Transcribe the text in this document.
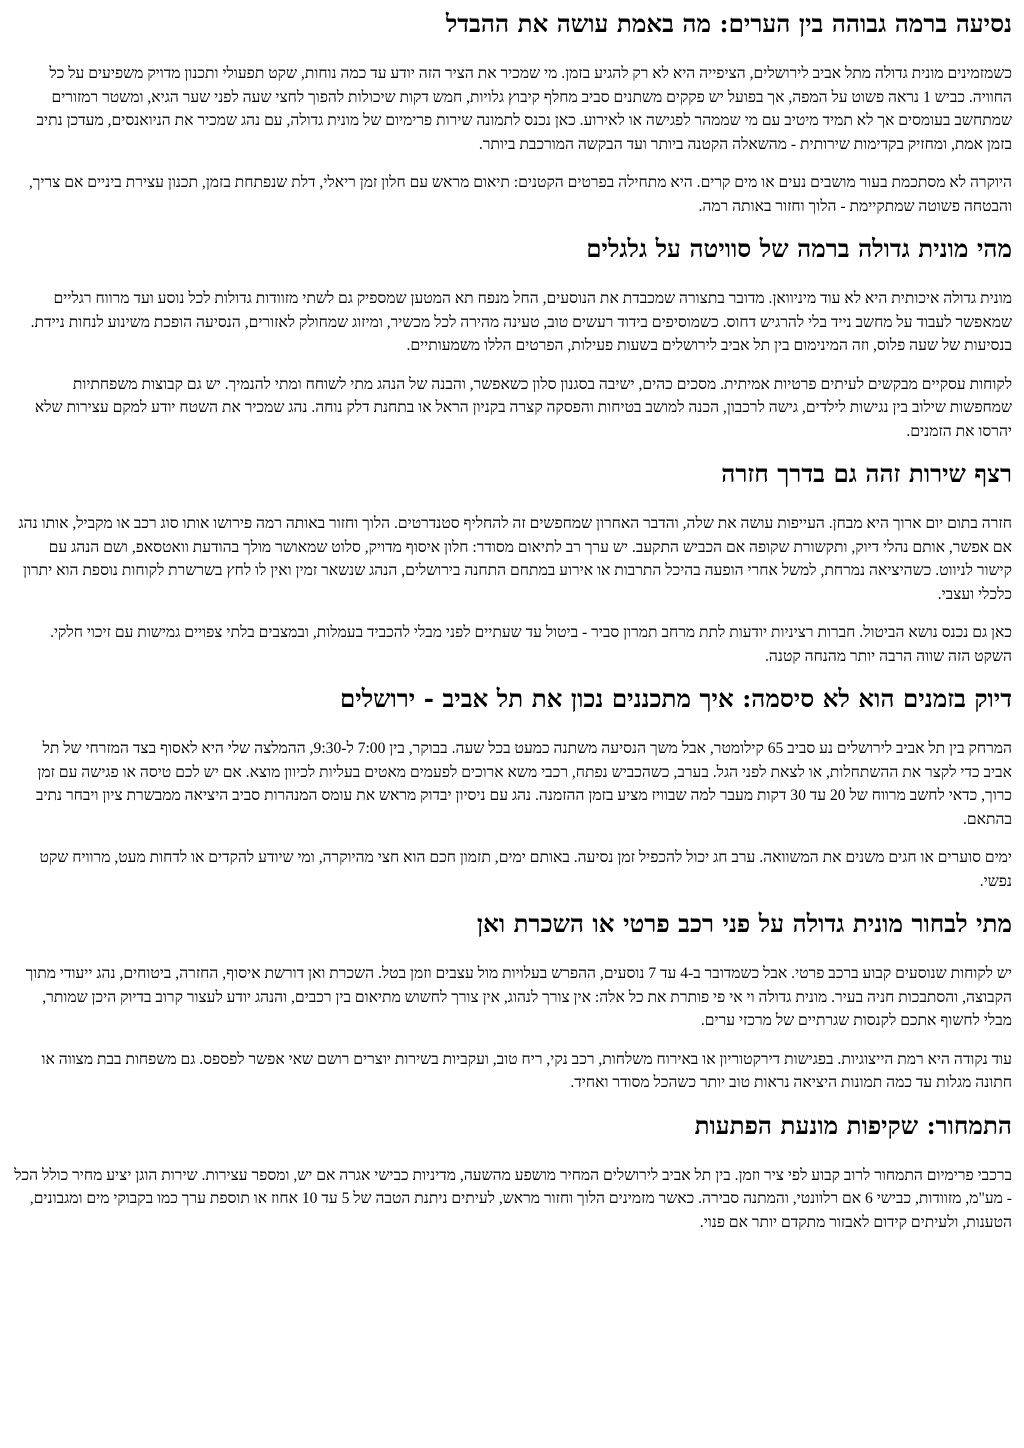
נסיעה ברמה גבוהה בין הערים: מה באמת עושה את ההבדל

כשמזמינים מונית גדולה מתל אביב לירושלים, הציפייה היא לא רק להגיע בזמן. מי שמכיר את הציר הזה יודע עד כמה נוחות, שקט תפעולי ותכנון מדויק משפיעים על כל החוויה. כביש 1 נראה פשוט על המפה, אך בפועל יש פקקים משתנים סביב מחלף קיבוץ גלויות, חמש דקות שיכולות להפוך לחצי שעה לפני שער הגיא, ומשטר רמזורים שמתחשב בעומסים אך לא תמיד מיטיב עם מי שממהר לפגישה או לאירוע. כאן נכנס לתמונה שירות פרימיום של מונית גדולה, עם נהג שמכיר את הניואנסים, מעדכן נתיב בזמן אמת, ומחזיק בקדימות שירותית - מהשאלה הקטנה ביותר ועד הבקשה המורכבת ביותר.

היוקרה לא מסתכמת בעור מושבים נעים או מים קרים. היא מתחילה בפרטים הקטנים: תיאום מראש עם חלון זמן ריאלי, דלת שנפתחת בזמן, תכנון עצירת ביניים אם צריך, והבטחה פשוטה שמתקיימת - הלוך וחזור באותה רמה.

מהי מונית גדולה ברמה של סוויטה על גלגלים

מונית גדולה איכותית היא לא עוד מיניוואן. מדובר בתצורה שמכבדת את הנוסעים, החל מנפח תא המטען שמספיק גם לשתי מזוודות גדולות לכל נוסע ועד מרווח רגליים שמאפשר לעבוד על מחשב נייד בלי להרגיש דחוס. כשמוסיפים בידוד רעשים טוב, טעינה מהירה לכל מכשיר, ומיזוג שמחולק לאזורים, הנסיעה הופכת משינוע לנחות ניידת. בנסיעות של שעה פלוס, וזה המינימום בין תל אביב לירושלים בשעות פעילות, הפרטים הללו משמעותיים.

לקוחות עסקיים מבקשים לעיתים פרטיות אמיתית. מסכים כהים, ישיבה בסגנון סלון כשאפשר, והבנה של הנהג מתי לשוחח ומתי להנמיך. יש גם קבוצות משפחתיות שמחפשות שילוב בין נגישות לילדים, גישה לרכבון, הכנה למושב בטיחות והפסקה קצרה בקניון הראל או בתחנת דלק נוחה. נהג שמכיר את השטח יודע למקם עצירות שלא יהרסו את הזמנים.

רצף שירות זהה גם בדרך חזרה

חזרה בתום יום ארוך היא מבחן. העייפות עושה את שלה, והדבר האחרון שמחפשים זה להחליף סטנדרטים. הלוך וחזור באותה רמה פירושו אותו סוג רכב או מקביל, אותו נהג אם אפשר, אותם נהלי דיוק, ותקשורת שקופה אם הכביש התקעב. יש ערך רב לתיאום מסודר: חלון איסוף מדויק, סלוט שמאושר מולך בהודעת וואטסאפ, ושם הנהג עם קישור לניווט. כשהיציאה נמרחת, למשל אחרי הופעה בהיכל התרבות או אירוע במתחם התחנה בירושלים, הנהג שנשאר זמין ואין לו לחץ בשרשרת לקוחות נוספת הוא יתרון כלכלי ועצבי.

כאן גם נכנס נושא הביטול. חברות רציניות יודעות לתת מרחב תמרון סביר - ביטול עד שעתיים לפני מבלי להכביד בעמלות, ובמצבים בלתי צפויים גמישות עם זיכוי חלקי. השקט הזה שווה הרבה יותר מהנחה קטנה.

דיוק בזמנים הוא לא סיסמה: איך מתכננים נכון את תל אביב - ירושלים

המרחק בין תל אביב לירושלים נע סביב 65 קילומטר, אבל משך הנסיעה משתנה כמעט בכל שעה. בבוקר, בין 7:00 ל-9:30, ההמלצה שלי היא לאסוף בצד המזרחי של תל אביב כדי לקצר את ההשתחלות, או לצאת לפני הגל. בערב, כשהכביש נפתח, רכבי משא ארוכים לפעמים מאטים בעליות לכיוון מוצא. אם יש לכם טיסה או פגישה עם זמן כרוך, כדאי לחשב מרווח של 20 עד 30 דקות מעבר למה שבוויז מציע בזמן ההזמנה. נהג עם ניסיון יבדוק מראש את עומס המנהרות סביב היציאה ממבשרת ציון ויבחר נתיב בהתאם.

ימים סוערים או חגים משנים את המשוואה. ערב חג יכול להכפיל זמן נסיעה. באותם ימים, תזמון חכם הוא חצי מהיוקרה, ומי שיודע להקדים או לדחות מעט, מרוויח שקט נפשי.

מתי לבחור מונית גדולה על פני רכב פרטי או השכרת ואן

יש לקוחות שנוסעים קבוע ברכב פרטי. אבל כשמדובר ב-4 עד 7 נוסעים, ההפרש בעלויות מול עצבים וזמן בטל. השכרת ואן דורשת איסוף, החזרה, ביטוחים, נהג ייעודי מתוך הקבוצה, והסתבכות חניה בעיר. מונית גדולה וי אי פי פותרת את כל אלה: אין צורך לנהוג, אין צורך לחשוש מתיאום בין רכבים, והנהג יודע לעצור קרוב בדיוק היכן שמותר, מבלי לחשוף אתכם לקנסות שגרתיים של מרכזי ערים.

עוד נקודה היא רמת הייצוגיות. בפגישות דירקטוריון או באירוח משלחות, רכב נקי, ריח טוב, ועקביות בשירות יוצרים רושם שאי אפשר לפספס. גם משפחות בבת מצווה או חתונה מגלות עד כמה תמונות היציאה נראות טוב יותר כשהכל מסודר ואחיד.

התמחור: שקיפות מונעת הפתעות

ברכבי פרימיום התמחור לרוב קבוע לפי ציר וזמן. בין תל אביב לירושלים המחיר מושפע מהשעה, מדיניות כבישי אגרה אם יש, ומספר עצירות. שירות הוגן יציע מחיר כולל הכל - מע"מ, מזוודות, כבישי 6 אם רלוונטי, והמתנה סבירה. כאשר מזמינים הלוך וחזור מראש, לעיתים ניתנת הטבה של 5 עד 10 אחוז או תוספת ערך כמו בקבוקי מים ומגבונים, הטענות, ולעיתים קידום לאבזור מתקדם יותר אם פנוי.
